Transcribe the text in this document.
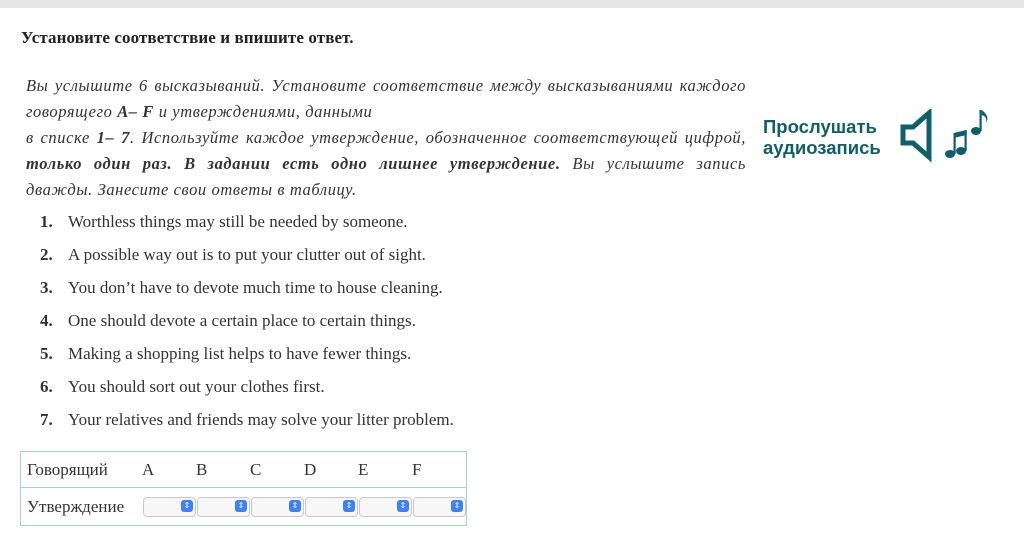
Установите соответствие и впишите ответ.
Вы услышите 6 высказываний. Установите соответствие между высказываниями каждого
говорящего A– F и утверждениями, данными
в списке 1– 7. Используйте каждое утверждение, обозначенное соответствующей цифрой,
только один раз. В задании есть одно лишнее утверждение. Вы услышите запись
дважды. Занесите свои ответы в таблицу.
Прослушать
аудиозапись
1. Worthless things may still be needed by someone.
2. A possible way out is to put your clutter out of sight.
3. You don’t have to devote much time to house cleaning.
4. One should devote a certain place to certain things.
5. Making a shopping list helps to have fewer things.
6. You should sort out your clothes first.
7. Your relatives and friends may solve your litter problem.
Говорящий	A	B	C	D	E	F
Утверждение	⇕	⇕	⇕	⇕	⇕	⇕
